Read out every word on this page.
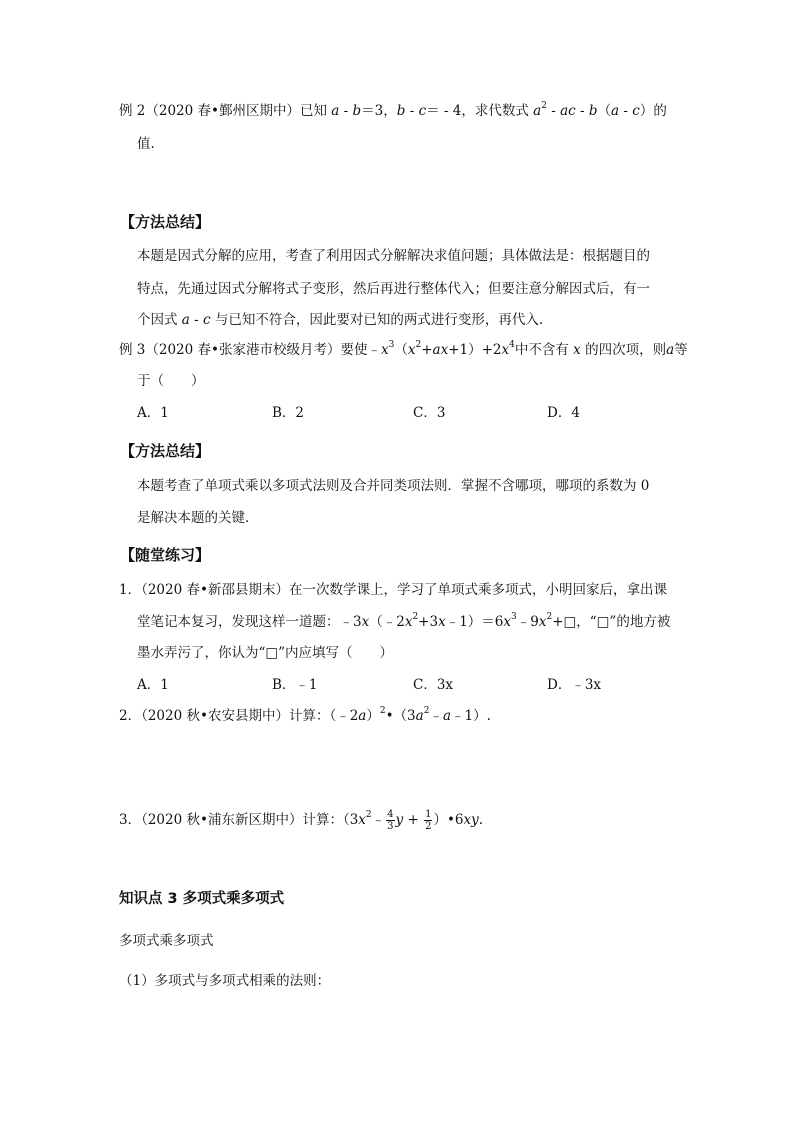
例 2（2020 春•鄞州区期中）已知 a - b＝3，b - c＝ - 4，求代数式 $a^2$ - ac - b（a - c）的
值.
【方法总结】
本题是因式分解的应用，考查了利用因式分解解决求值问题；具体做法是：根据题目的
特点，先通过因式分解将式子变形，然后再进行整体代入；但要注意分解因式后，有一
个因式 a - c 与已知不符合，因此要对已知的两式进行变形，再代入.
例 3（2020 春•张家港市校级月考）要使$﹣x^3(x^2+ax+1)+2x^4$中不含有 x 的四次项，则a等
于（　　）
A．1	B．2	C．3	D．4
【方法总结】
本题考查了单项式乘以多项式法则及合并同类项法则．掌握不含哪项，哪项的系数为 0
是解决本题的关键．
【随堂练习】
1．（2020 春•新邵县期末）在一次数学课上，学习了单项式乘多项式，小明回家后，拿出课
堂笔记本复习，发现这样一道题：$﹣3x(﹣2x^2+3x﹣1)=6x^3﹣9x^2+□$，“□”的地方被
墨水弄污了，你认为“□”内应填写（　　）
A．1	B．﹣1	C．3x	D．﹣3x
2．（2020 秋•农安县期中）计算：$(﹣2a)^2•(3a^2﹣a﹣1)$.
3．（2020 秋•浦东新区期中）计算：（$3x^2﹣ \frac{4}{3}$ $y + \frac{1}{2}$ ）•6xy.
知识点 3 多项式乘多项式
多项式乘多项式
（1）多项式与多项式相乘的法则：
